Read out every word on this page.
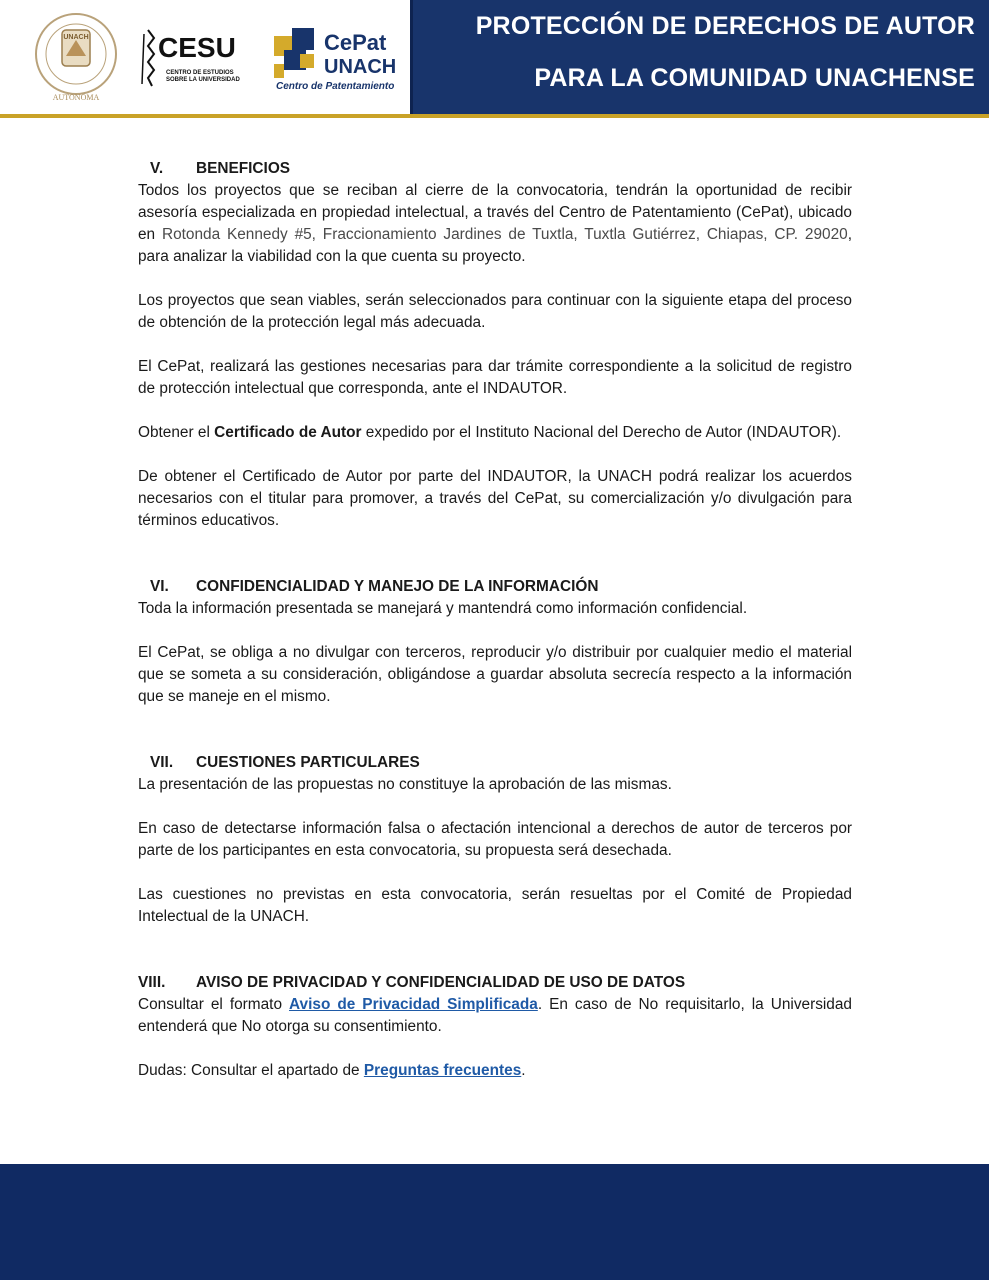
UNACH
AUTONOMA
CESU
CENTRO DE ESTUDIOS
SOBRE LA UNIVERSIDAD
CePat
UNACH
Centro de Patentamiento
PROTECCIÓN DE DERECHOS DE AUTOR
PARA LA COMUNIDAD UNACHENSE
V.	BENEFICIOS

Todos los proyectos que se reciban al cierre de la convocatoria, tendrán la oportunidad de recibir asesoría especializada en propiedad intelectual, a través del Centro de Patentamiento (CePat), ubicado en Rotonda Kennedy #5, Fraccionamiento Jardines de Tuxtla, Tuxtla Gutiérrez, Chiapas, CP. 29020, para analizar la viabilidad con la que cuenta su proyecto.

Los proyectos que sean viables, serán seleccionados para continuar con la siguiente etapa del proceso de obtención de la protección legal más adecuada.

El CePat, realizará las gestiones necesarias para dar trámite correspondiente a la solicitud de registro de protección intelectual que corresponda, ante el INDAUTOR.

Obtener el Certificado de Autor expedido por el Instituto Nacional del Derecho de Autor (INDAUTOR).

De obtener el Certificado de Autor por parte del INDAUTOR, la UNACH podrá realizar los acuerdos necesarios con el titular para promover, a través del CePat, su comercialización y/o divulgación para términos educativos.

VI.	CONFIDENCIALIDAD Y MANEJO DE LA INFORMACIÓN

Toda la información presentada se manejará y mantendrá como información confidencial.

El CePat, se obliga a no divulgar con terceros, reproducir y/o distribuir por cualquier medio el material que se someta a su consideración, obligándose a guardar absoluta secrecía respecto a la información que se maneje en el mismo.

VII.	CUESTIONES PARTICULARES

La presentación de las propuestas no constituye la aprobación de las mismas.

En caso de detectarse información falsa o afectación intencional a derechos de autor de terceros por parte de los participantes en esta convocatoria, su propuesta será desechada.

Las cuestiones no previstas en esta convocatoria, serán resueltas por el Comité de Propiedad Intelectual de la UNACH.

VIII.	AVISO DE PRIVACIDAD Y CONFIDENCIALIDAD DE USO DE DATOS

Consultar el formato Aviso de Privacidad Simplificada. En caso de No requisitarlo, la Universidad entenderá que No otorga su consentimiento.

Dudas: Consultar el apartado de Preguntas frecuentes.
